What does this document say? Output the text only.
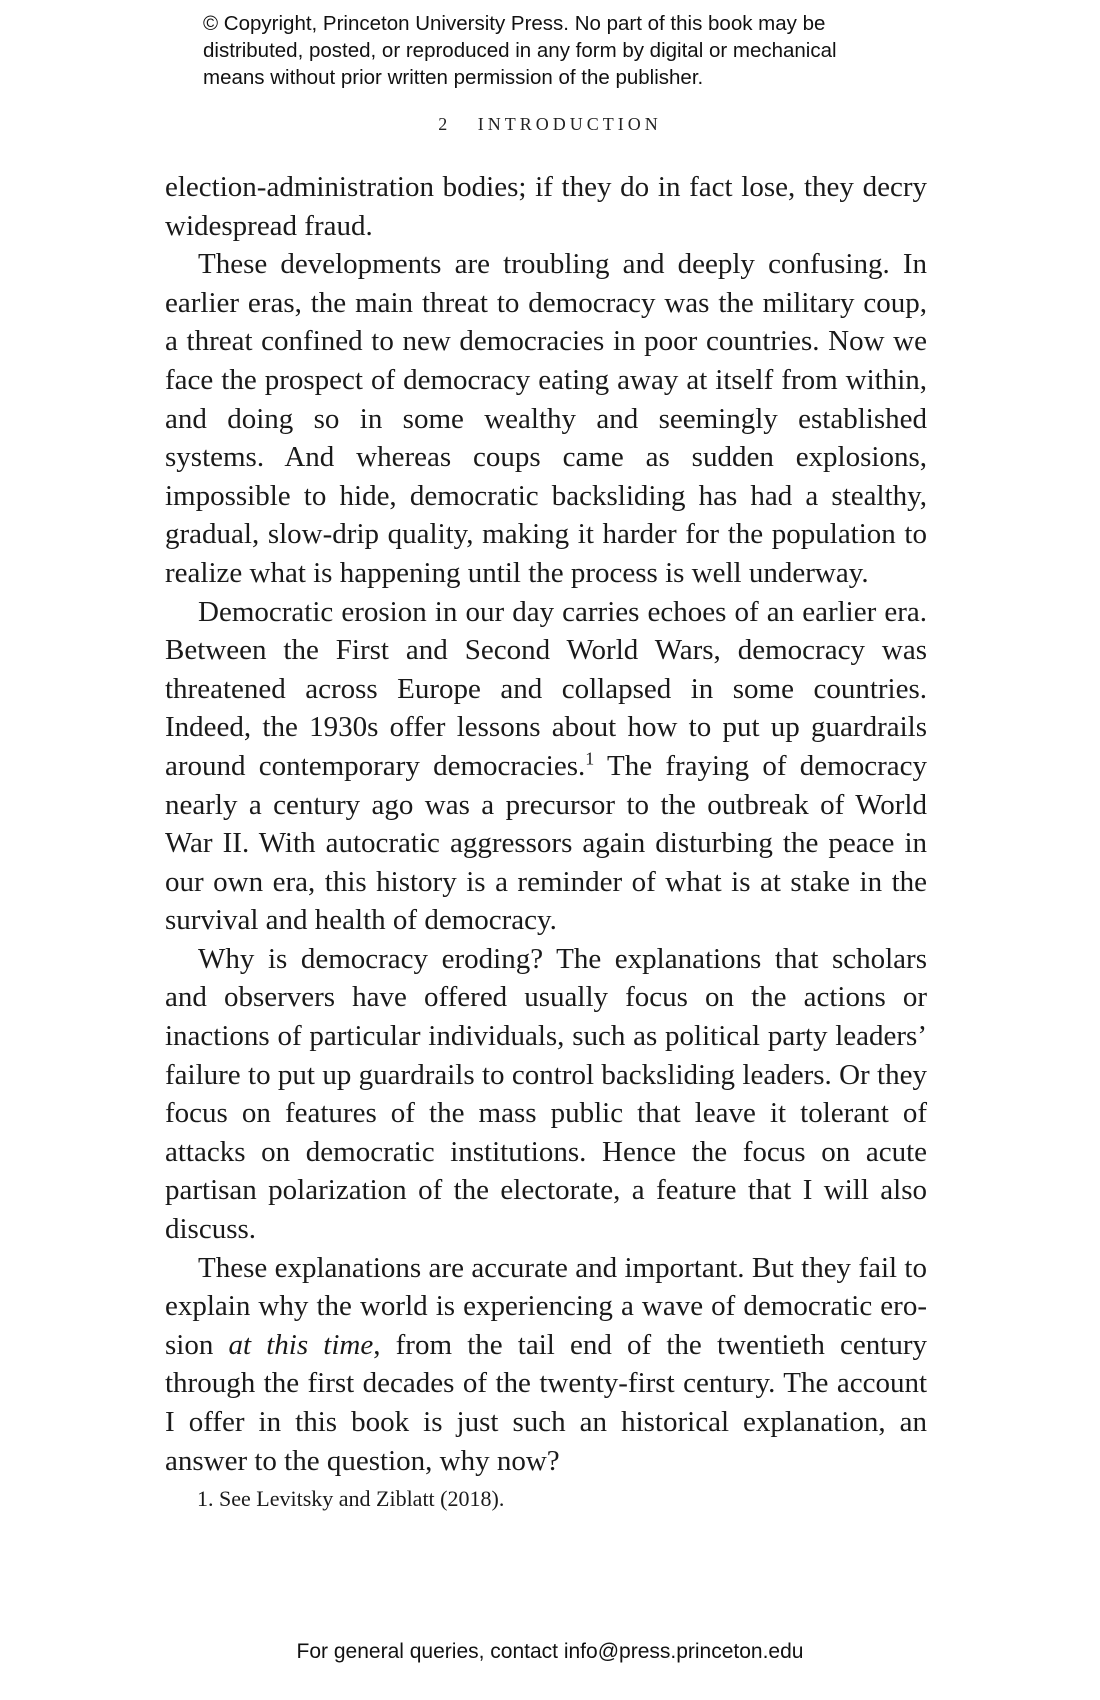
© Copyright, Princeton University Press. No part of this book may be
distributed, posted, or reproduced in any form by digital or mechanical
means without prior written permission of the publisher.
2 INTRODUCTION

election-administration bodies; if they do in fact lose, they decry widespread fraud.

These developments are troubling and deeply confusing. In earlier eras, the main threat to democracy was the military coup, a threat confined to new democracies in poor countries. Now we face the prospect of democracy eating away at itself from within, and doing so in some wealthy and seemingly established systems. And whereas coups came as sudden explosions, impossible to hide, democratic backsliding has had a stealthy, gradual, slow-drip quality, making it harder for the population to realize what is happening until the process is well underway.

Democratic erosion in our day carries echoes of an earlier era. Between the First and Second World Wars, democracy was threatened across Europe and collapsed in some countries. Indeed, the 1930s offer lessons about how to put up guardrails around contemporary democracies.$^1$ The fraying of democracy nearly a century ago was a precursor to the outbreak of World War II. With autocratic aggressors again disturbing the peace in our own era, this history is a reminder of what is at stake in the survival and health of democracy.

Why is democracy eroding? The explanations that scholars and observers have offered usually focus on the actions or inactions of particular individuals, such as political party leaders’ failure to put up guardrails to control backsliding leaders. Or they focus on features of the mass public that leave it tolerant of attacks on democratic institutions. Hence the focus on acute partisan polarization of the electorate, a feature that I will also discuss.

These explanations are accurate and important. But they fail to explain why the world is experiencing a wave of democratic erosion at this time, from the tail end of the twentieth century through the first decades of the twenty-first century. The account I offer in this book is just such an historical explanation, an answer to the question, why now?

1. See Levitsky and Ziblatt (2018).
For general queries, contact info@press.princeton.edu
